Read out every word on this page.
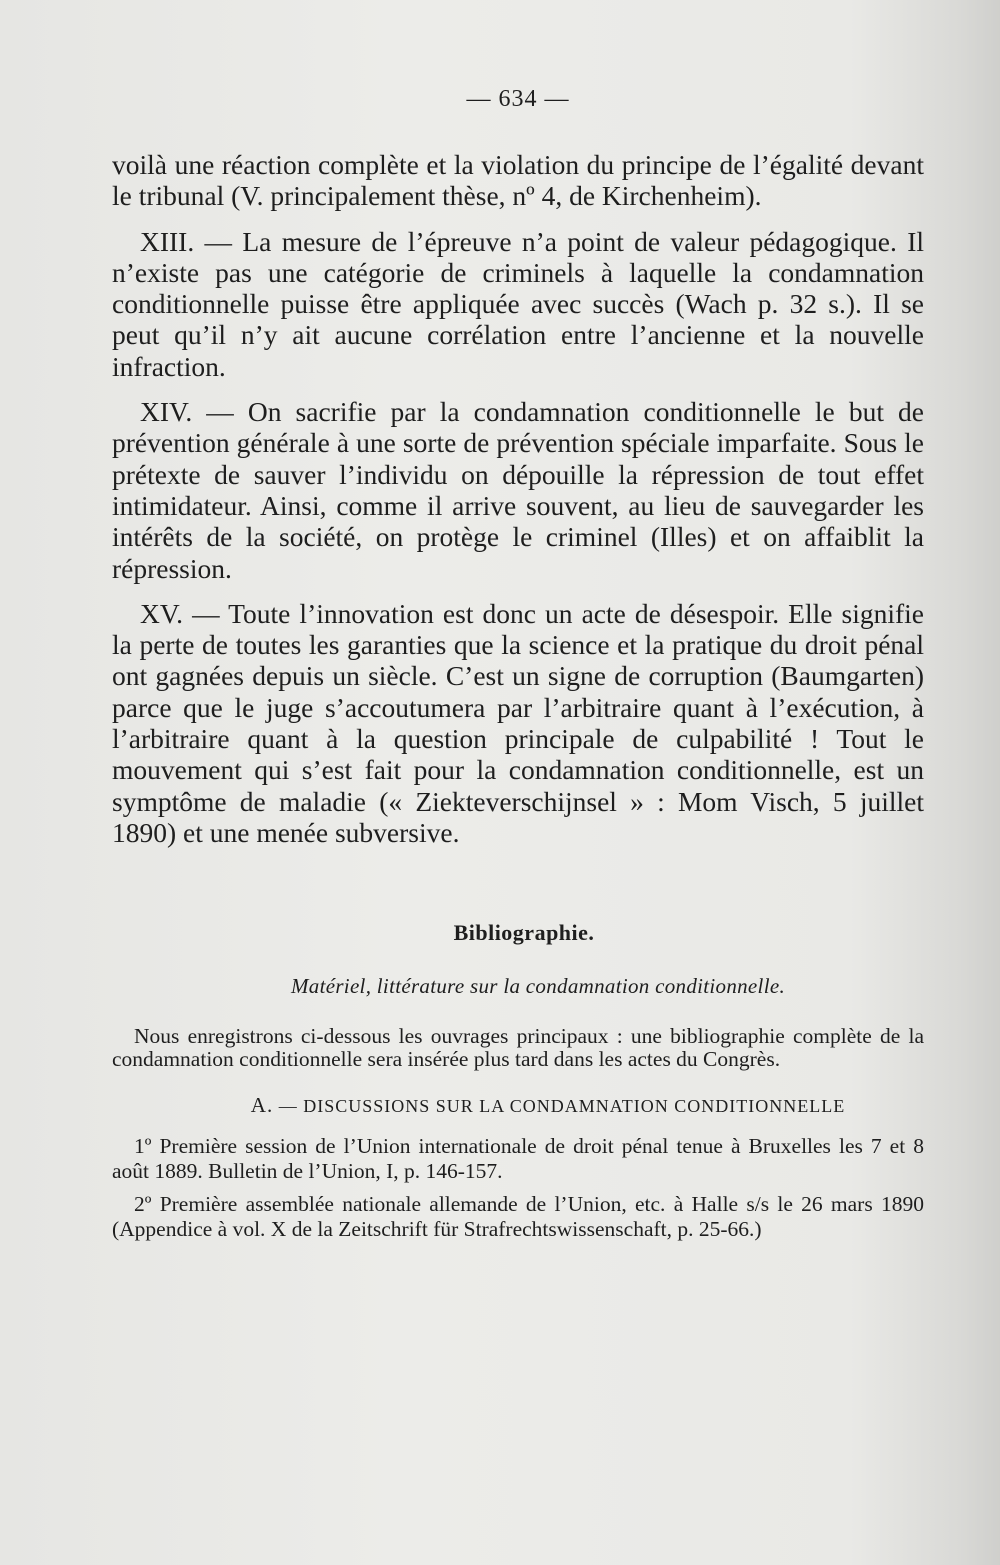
— 634 —

voilà une réaction complète et la violation du principe de l’égalité devant le tribunal (V. principalement thèse, nº 4, de Kirchenheim).

XIII. — La mesure de l’épreuve n’a point de valeur pédagogique. Il n’existe pas une catégorie de criminels à laquelle la condamnation conditionnelle puisse être appliquée avec succès (Wach p. 32 s.). Il se peut qu’il n’y ait aucune corrélation entre l’ancienne et la nouvelle infraction.

XIV. — On sacrifie par la condamnation conditionnelle le but de prévention générale à une sorte de prévention spéciale imparfaite. Sous le prétexte de sauver l’individu on dépouille la répression de tout effet intimidateur. Ainsi, comme il arrive souvent, au lieu de sauvegarder les intérêts de la société, on protège le criminel (Illes) et on affaiblit la répression.

XV. — Toute l’innovation est donc un acte de désespoir. Elle signifie la perte de toutes les garanties que la science et la pratique du droit pénal ont gagnées depuis un siècle. C’est un signe de corruption (Baumgarten) parce que le juge s’accoutumera par l’arbitraire quant à l’exécution, à l’arbitraire quant à la question principale de culpabilité ! Tout le mouvement qui s’est fait pour la condamnation conditionnelle, est un symptôme de maladie (« Ziekteverschijnsel » : Mom Visch, 5 juillet 1890) et une menée subversive.

Bibliographie.
Matériel, littérature sur la condamnation conditionnelle.

Nous enregistrons ci-dessous les ouvrages principaux : une bibliographie complète de la condamnation conditionnelle sera insérée plus tard dans les actes du Congrès.

A. — DISCUSSIONS SUR LA CONDAMNATION CONDITIONNELLE

1º Première session de l’Union internationale de droit pénal tenue à Bruxelles les 7 et 8 août 1889. Bulletin de l’Union, I, p. 146-157.

2º Première assemblée nationale allemande de l’Union, etc. à Halle s/s le 26 mars 1890 (Appendice à vol. X de la Zeitschrift für Strafrechtswissenschaft, p. 25-66.)
